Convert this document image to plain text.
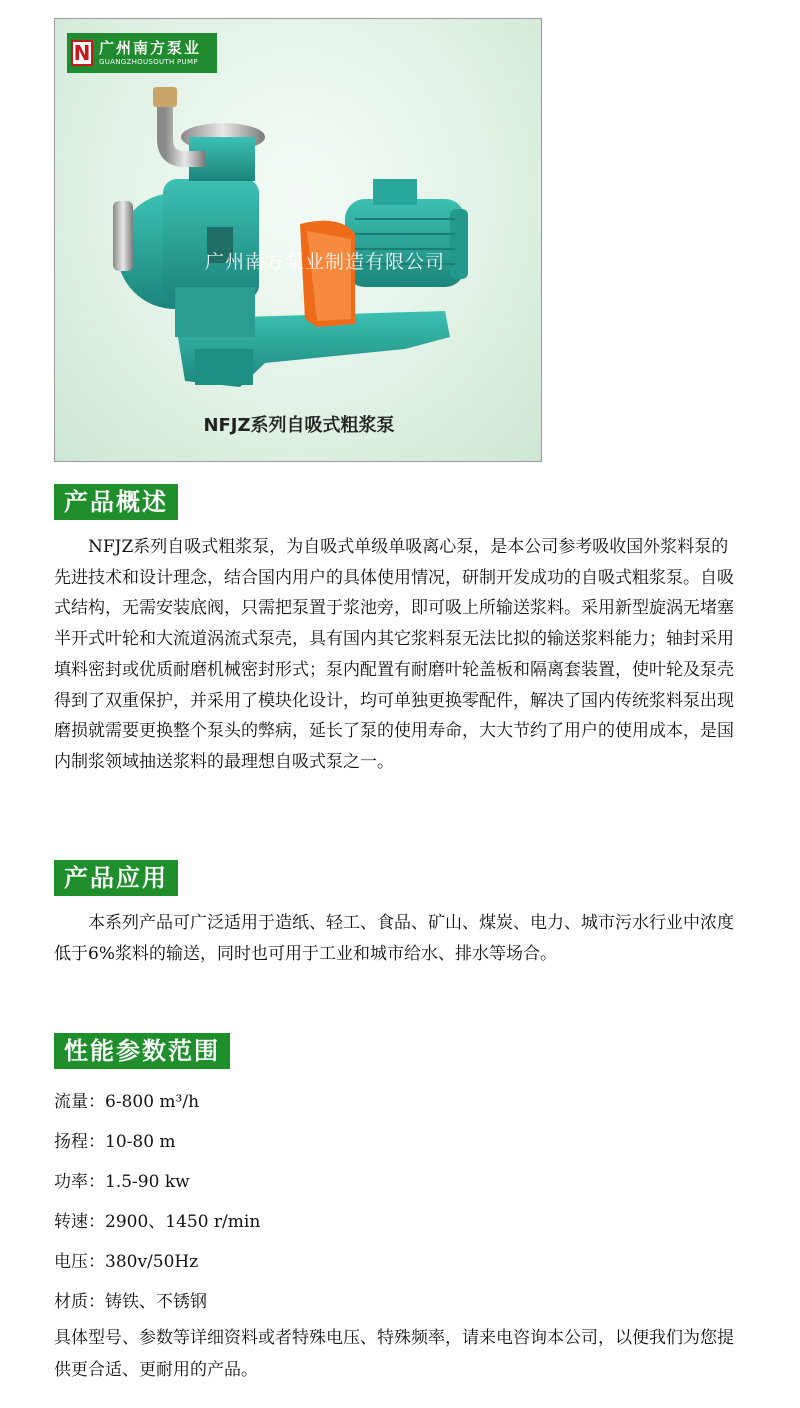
N 广州南方泵业
GUANGZHOUSOUTH PUMP
广州南方泵业制造有限公司
NFJZ系列自吸式粗浆泵
产品概述

NFJZ系列自吸式粗浆泵，为自吸式单级单吸离心泵，是本公司参考吸收国外浆料泵的先进技术和设计理念，结合国内用户的具体使用情况，研制开发成功的自吸式粗浆泵。自吸式结构，无需安装底阀，只需把泵置于浆池旁，即可吸上所输送浆料。采用新型旋涡无堵塞半开式叶轮和大流道涡流式泵壳，具有国内其它浆料泵无法比拟的输送浆料能力；轴封采用填料密封或优质耐磨机械密封形式；泵内配置有耐磨叶轮盖板和隔离套装置，使叶轮及泵壳得到了双重保护，并采用了模块化设计，均可单独更换零配件，解决了国内传统浆料泵出现磨损就需要更换整个泵头的弊病，延长了泵的使用寿命，大大节约了用户的使用成本，是国内制浆领域抽送浆料的最理想自吸式泵之一。

产品应用

本系列产品可广泛适用于造纸、轻工、食品、矿山、煤炭、电力、城市污水行业中浓度低于6%浆料的输送，同时也可用于工业和城市给水、排水等场合。

性能参数范围
流量：6-800 m³/h
扬程：10-80 m
功率：1.5-90 kw
转速：2900、1450 r/min
电压：380v/50Hz
材质：铸铁、不锈钢

具体型号、参数等详细资料或者特殊电压、特殊频率，请来电咨询本公司，以便我们为您提供更合适、更耐用的产品。
